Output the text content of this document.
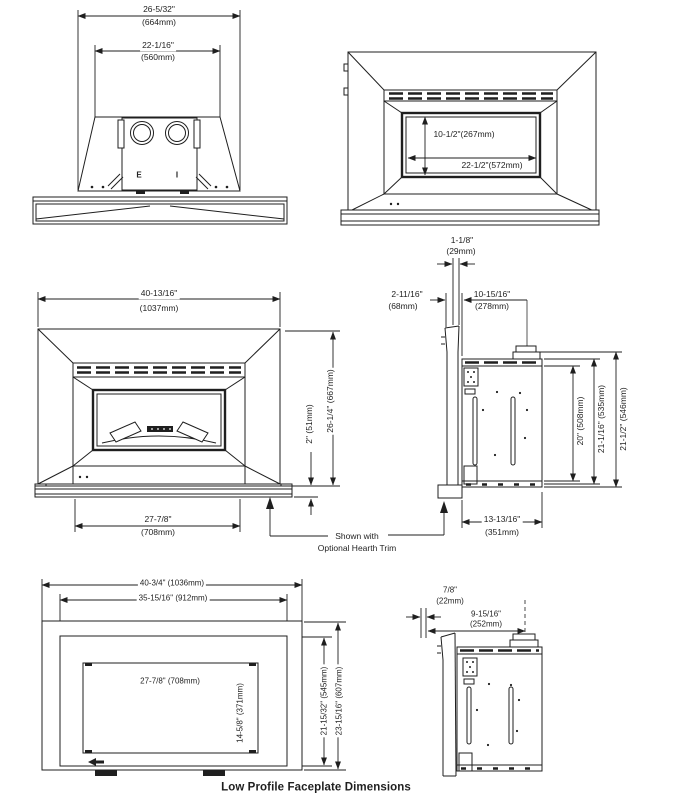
26-5/32"
(664mm)
22-1/16"
(560mm)
E	I
10-1/2"(267mm)
22-1/2"(572mm)
40-13/16"
(1037mm)
2" (51mm) 26-1/4" (667mm)
27-7/8"
(708mm)
1-1/8"
(29mm)
2-11/16"
(68mm)
10-15/16"
(278mm)
20" (508mm) 21-1/16" (535mm) 21-1/2" (546mm)
13-13/16"
(351mm)
Shown with
Optional Hearth Trim
40-3/4" (1036mm)
35-15/16" (912mm)
27-7/8" (708mm)
14-5/8" (371mm)	21-15/32" (545mm) 23-15/16" (607mm)
7/8"
(22mm)
9-15/16"
(252mm)
Low Profile Faceplate Dimensions
